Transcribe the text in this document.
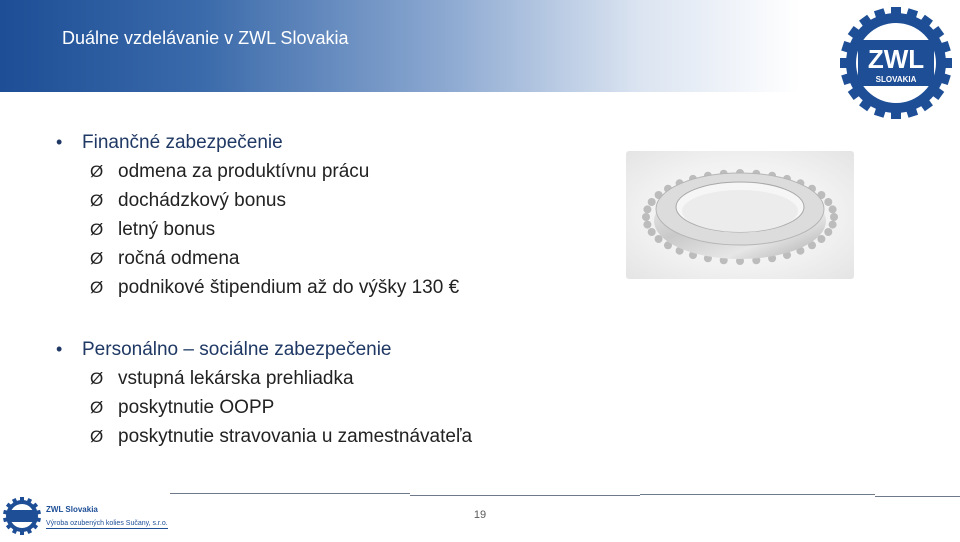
Duálne vzdelávanie v ZWL Slovakia
ZWL
SLOVAKIA
•	Finančné zabezpečenie
Ø odmena za produktívnu prácu
Ø dochádzkový bonus
Ø letný bonus
Ø ročná odmena
Ø podnikové štipendium až do výšky 130 €
•	Personálno – sociálne zabezpečenie
Ø vstupná lekárska prehliadka
Ø poskytnutie OOPP
Ø poskytnutie stravovania u zamestnávateľa
19
ZWL Slovakia
Výroba ozubených kolies Sučany, s.r.o.
